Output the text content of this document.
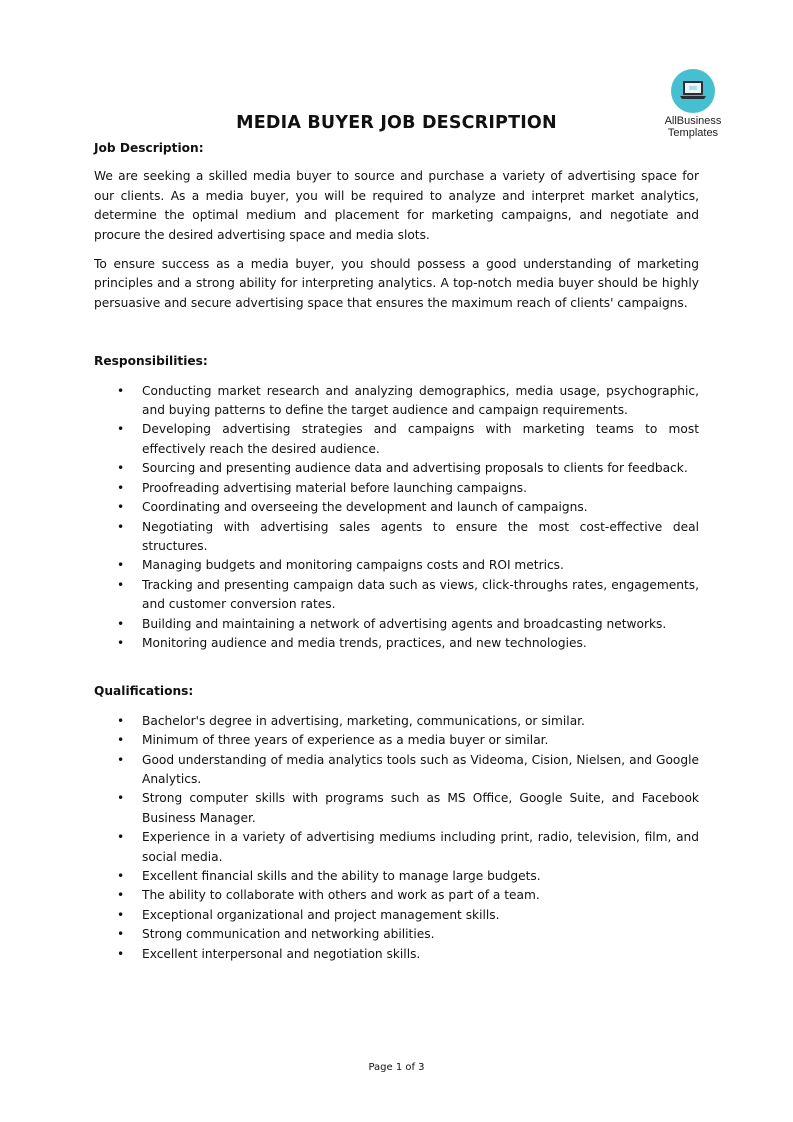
AllBusiness
Templates
MEDIA BUYER JOB DESCRIPTION

Job Description:

We are seeking a skilled media buyer to source and purchase a variety of advertising space for our clients. As a media buyer, you will be required to analyze and interpret market analytics, determine the optimal medium and placement for marketing campaigns, and negotiate and procure the desired advertising space and media slots.

To ensure success as a media buyer, you should possess a good understanding of marketing principles and a strong ability for interpreting analytics. A top-notch media buyer should be highly persuasive and secure advertising space that ensures the maximum reach of clients' campaigns.

Responsibilities:

• Conducting market research and analyzing demographics, media usage, psychographic, and buying patterns to define the target audience and campaign requirements.
• Developing advertising strategies and campaigns with marketing teams to most effectively reach the desired audience.
• Sourcing and presenting audience data and advertising proposals to clients for feedback.
• Proofreading advertising material before launching campaigns.
• Coordinating and overseeing the development and launch of campaigns.
• Negotiating with advertising sales agents to ensure the most cost-effective deal structures.
• Managing budgets and monitoring campaigns costs and ROI metrics.
• Tracking and presenting campaign data such as views, click-throughs rates, engagements, and customer conversion rates.
• Building and maintaining a network of advertising agents and broadcasting networks.
• Monitoring audience and media trends, practices, and new technologies.

Qualifications:

• Bachelor's degree in advertising, marketing, communications, or similar.
• Minimum of three years of experience as a media buyer or similar.
• Good understanding of media analytics tools such as Videoma, Cision, Nielsen, and Google Analytics.
• Strong computer skills with programs such as MS Office, Google Suite, and Facebook Business Manager.
• Experience in a variety of advertising mediums including print, radio, television, film, and social media.
• Excellent financial skills and the ability to manage large budgets.
• The ability to collaborate with others and work as part of a team.
• Exceptional organizational and project management skills.
• Strong communication and networking abilities.
• Excellent interpersonal and negotiation skills.
Page 1 of 3
